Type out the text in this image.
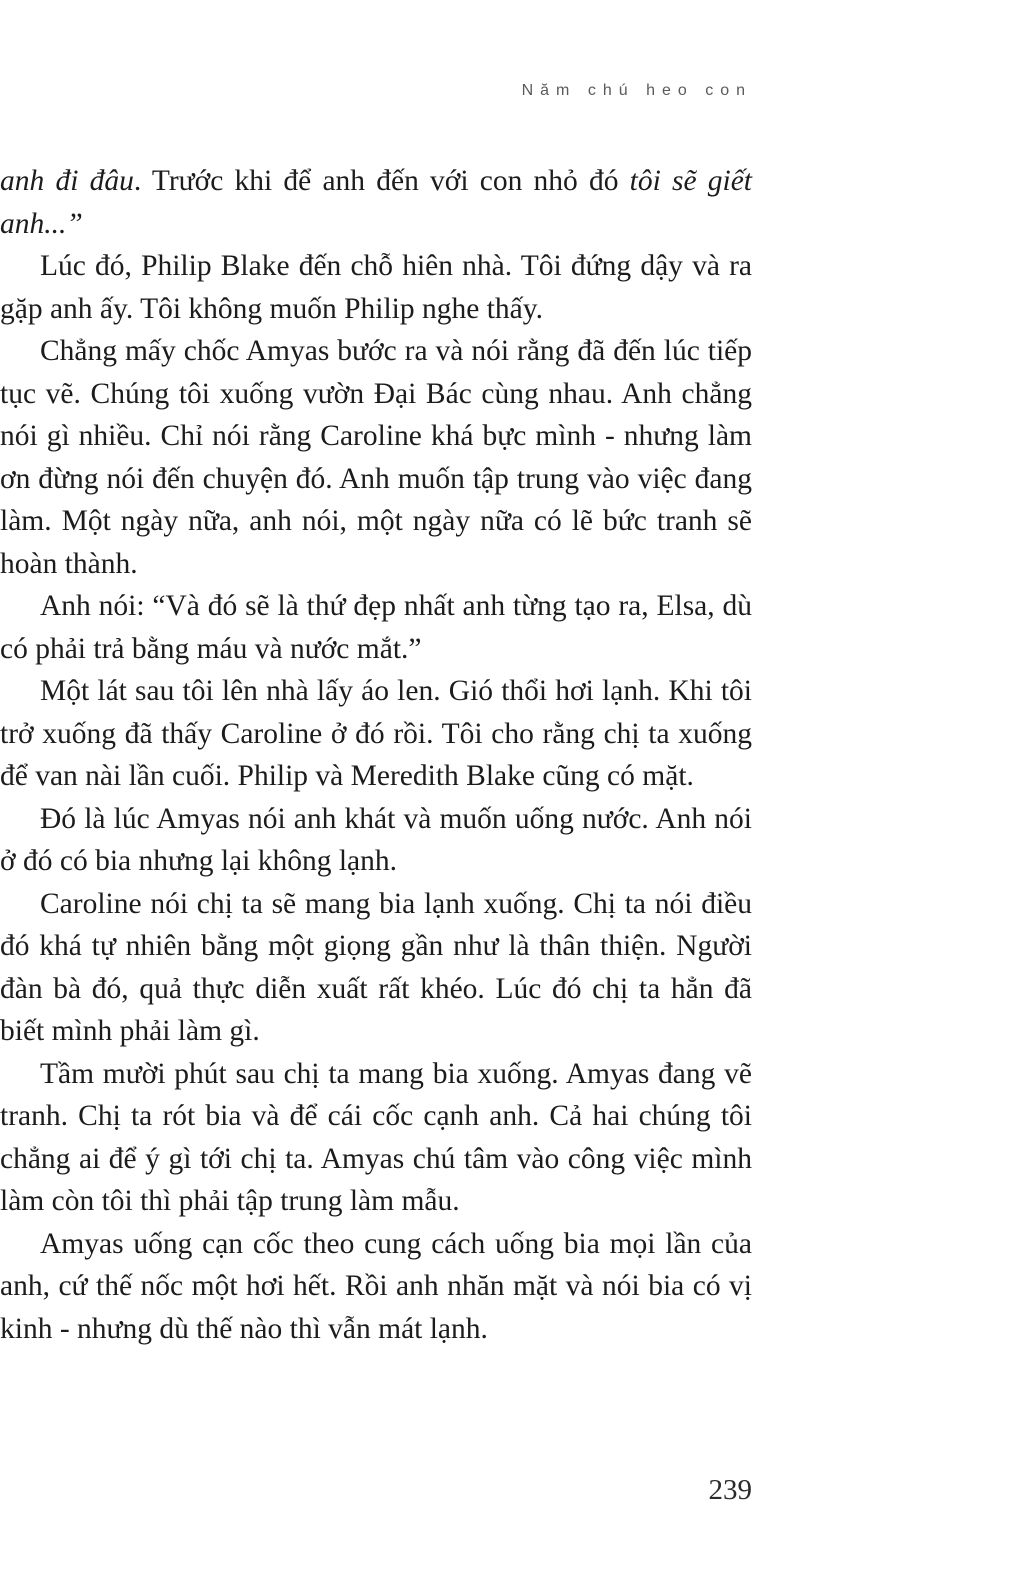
Năm chú heo con

anh đi đâu. Trước khi để anh đến với con nhỏ đó tôi sẽ giết anh...”

Lúc đó, Philip Blake đến chỗ hiên nhà. Tôi đứng dậy và ra gặp anh ấy. Tôi không muốn Philip nghe thấy.

Chẳng mấy chốc Amyas bước ra và nói rằng đã đến lúc tiếp tục vẽ. Chúng tôi xuống vườn Đại Bác cùng nhau. Anh chẳng nói gì nhiều. Chỉ nói rằng Caroline khá bực mình - nhưng làm ơn đừng nói đến chuyện đó. Anh muốn tập trung vào việc đang làm. Một ngày nữa, anh nói, một ngày nữa có lẽ bức tranh sẽ hoàn thành.

Anh nói: “Và đó sẽ là thứ đẹp nhất anh từng tạo ra, Elsa, dù có phải trả bằng máu và nước mắt.”

Một lát sau tôi lên nhà lấy áo len. Gió thổi hơi lạnh. Khi tôi trở xuống đã thấy Caroline ở đó rồi. Tôi cho rằng chị ta xuống để van nài lần cuối. Philip và Meredith Blake cũng có mặt.

Đó là lúc Amyas nói anh khát và muốn uống nước. Anh nói ở đó có bia nhưng lại không lạnh.

Caroline nói chị ta sẽ mang bia lạnh xuống. Chị ta nói điều đó khá tự nhiên bằng một giọng gần như là thân thiện. Người đàn bà đó, quả thực diễn xuất rất khéo. Lúc đó chị ta hẳn đã biết mình phải làm gì.

Tầm mười phút sau chị ta mang bia xuống. Amyas đang vẽ tranh. Chị ta rót bia và để cái cốc cạnh anh. Cả hai chúng tôi chẳng ai để ý gì tới chị ta. Amyas chú tâm vào công việc mình làm còn tôi thì phải tập trung làm mẫu.

Amyas uống cạn cốc theo cung cách uống bia mọi lần của anh, cứ thế nốc một hơi hết. Rồi anh nhăn mặt và nói bia có vị kinh - nhưng dù thế nào thì vẫn mát lạnh.

239
